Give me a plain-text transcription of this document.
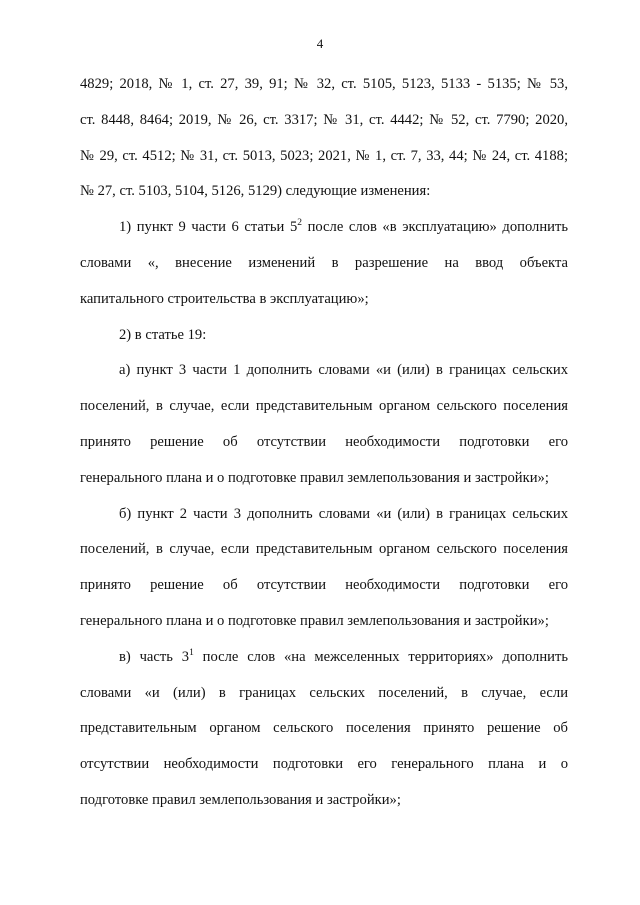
4
4829; 2018, № 1, ст. 27, 39, 91; № 32, ст. 5105, 5123, 5133 - 5135; № 53,
ст. 8448, 8464; 2019, № 26, ст. 3317; № 31, ст. 4442; № 52, ст. 7790; 2020,
№ 29, ст. 4512; № 31, ст. 5013, 5023; 2021, № 1, ст. 7, 33, 44; № 24, ст. 4188;
№ 27, ст. 5103, 5104, 5126, 5129) следующие изменения:
1) пункт 9 части 6 статьи $5^2$ после слов «в эксплуатацию» дополнить
словами «, внесение изменений в разрешение на ввод объекта
капитального строительства в эксплуатацию»;
2) в статье 19:
а) пункт 3 части 1 дополнить словами «и (или) в границах сельских
поселений, в случае, если представительным органом сельского поселения
принято решение об отсутствии необходимости подготовки его
генерального плана и о подготовке правил землепользования и застройки»;
б) пункт 2 части 3 дополнить словами «и (или) в границах сельских
поселений, в случае, если представительным органом сельского поселения
принято решение об отсутствии необходимости подготовки его
генерального плана и о подготовке правил землепользования и застройки»;
в) часть $3^1$ после слов «на межселенных территориях» дополнить
словами «и (или) в границах сельских поселений, в случае, если
представительным органом сельского поселения принято решение об
отсутствии необходимости подготовки его генерального плана и о
подготовке правил землепользования и застройки»;
